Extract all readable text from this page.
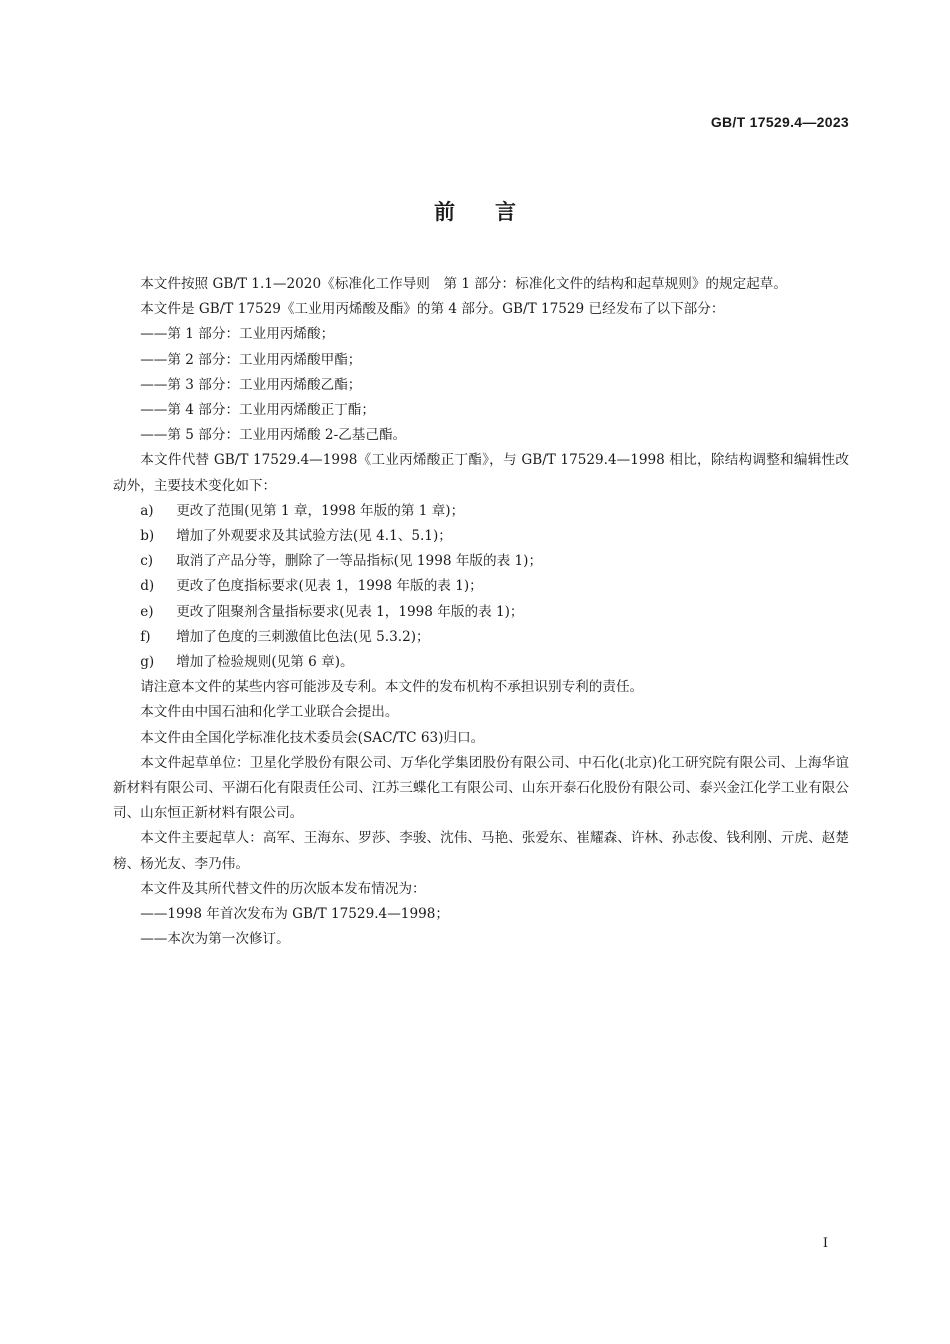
GB/T 17529.4—2023
前 言

本文件按照 GB/T 1.1—2020《标准化工作导则　第 1 部分：标准化文件的结构和起草规则》的规定起草。

本文件是 GB/T 17529《工业用丙烯酸及酯》的第 4 部分。GB/T 17529 已经发布了以下部分：

——第 1 部分：工业用丙烯酸；

——第 2 部分：工业用丙烯酸甲酯；

——第 3 部分：工业用丙烯酸乙酯；

——第 4 部分：工业用丙烯酸正丁酯；

——第 5 部分：工业用丙烯酸 2-乙基己酯。

本文件代替 GB/T 17529.4—1998《工业丙烯酸正丁酯》，与 GB/T 17529.4—1998 相比，除结构调整和编辑性改动外，主要技术变化如下：

a) 更改了范围(见第 1 章，1998 年版的第 1 章)；

b) 增加了外观要求及其试验方法(见 4.1、5.1)；

c) 取消了产品分等，删除了一等品指标(见 1998 年版的表 1)；

d) 更改了色度指标要求(见表 1，1998 年版的表 1)；

e) 更改了阻聚剂含量指标要求(见表 1，1998 年版的表 1)；

f) 增加了色度的三刺激值比色法(见 5.3.2)；

g) 增加了检验规则(见第 6 章)。

请注意本文件的某些内容可能涉及专利。本文件的发布机构不承担识别专利的责任。

本文件由中国石油和化学工业联合会提出。

本文件由全国化学标准化技术委员会(SAC/TC 63)归口。

本文件起草单位：卫星化学股份有限公司、万华化学集团股份有限公司、中石化(北京)化工研究院有限公司、上海华谊新材料有限公司、平湖石化有限责任公司、江苏三蝶化工有限公司、山东开泰石化股份有限公司、泰兴金江化学工业有限公司、山东恒正新材料有限公司。

本文件主要起草人：高军、王海东、罗莎、李骏、沈伟、马艳、张爱东、崔耀森、许林、孙志俊、钱利刚、亓虎、赵楚榜、杨光友、李乃伟。

本文件及其所代替文件的历次版本发布情况为：

——1998 年首次发布为 GB/T 17529.4—1998；

——本次为第一次修订。

I
